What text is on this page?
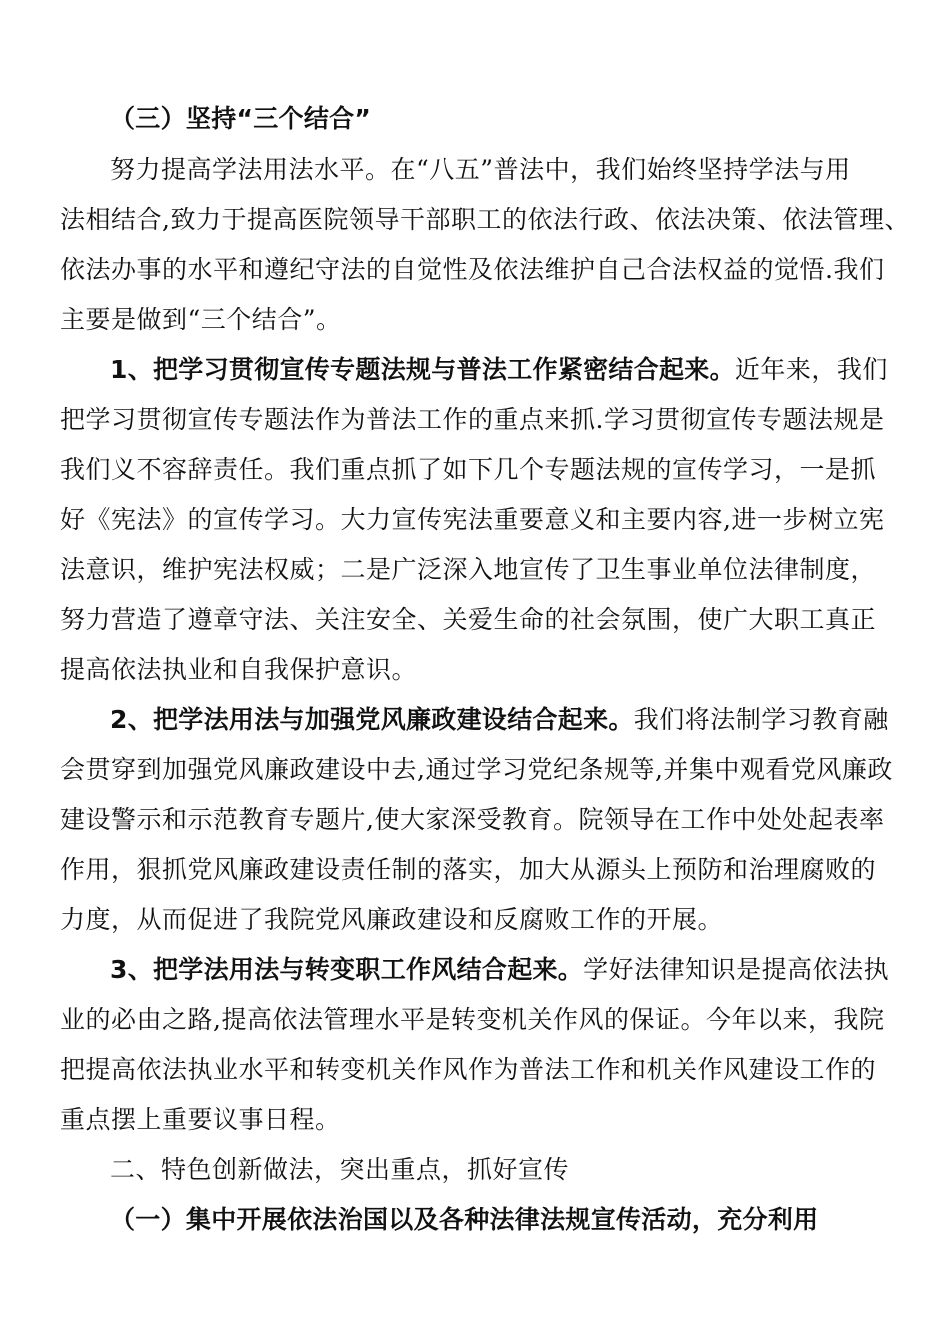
（三）坚持“三个结合”
努力提高学法用法水平。在“八五”普法中，我们始终坚持学法与用
法相结合,致力于提高医院领导干部职工的依法行政、依法决策、依法管理、
依法办事的水平和遵纪守法的自觉性及依法维护自己合法权益的觉悟.我们
主要是做到“三个结合”。
1、把学习贯彻宣传专题法规与普法工作紧密结合起来。近年来，我们
把学习贯彻宣传专题法作为普法工作的重点来抓.学习贯彻宣传专题法规是
我们义不容辞责任。我们重点抓了如下几个专题法规的宣传学习，一是抓
好《宪法》的宣传学习。大力宣传宪法重要意义和主要内容,进一步树立宪
法意识，维护宪法权威；二是广泛深入地宣传了卫生事业单位法律制度，
努力营造了遵章守法、关注安全、关爱生命的社会氛围，使广大职工真正
提高依法执业和自我保护意识。
2、把学法用法与加强党风廉政建设结合起来。我们将法制学习教育融
会贯穿到加强党风廉政建设中去,通过学习党纪条规等,并集中观看党风廉政
建设警示和示范教育专题片,使大家深受教育。院领导在工作中处处起表率
作用，狠抓党风廉政建设责任制的落实，加大从源头上预防和治理腐败的
力度，从而促进了我院党风廉政建设和反腐败工作的开展。
3、把学法用法与转变职工作风结合起来。学好法律知识是提高依法执
业的必由之路,提高依法管理水平是转变机关作风的保证。今年以来，我院
把提高依法执业水平和转变机关作风作为普法工作和机关作风建设工作的
重点摆上重要议事日程。
二、特色创新做法，突出重点，抓好宣传
（一）集中开展依法治国以及各种法律法规宣传活动，充分利用
